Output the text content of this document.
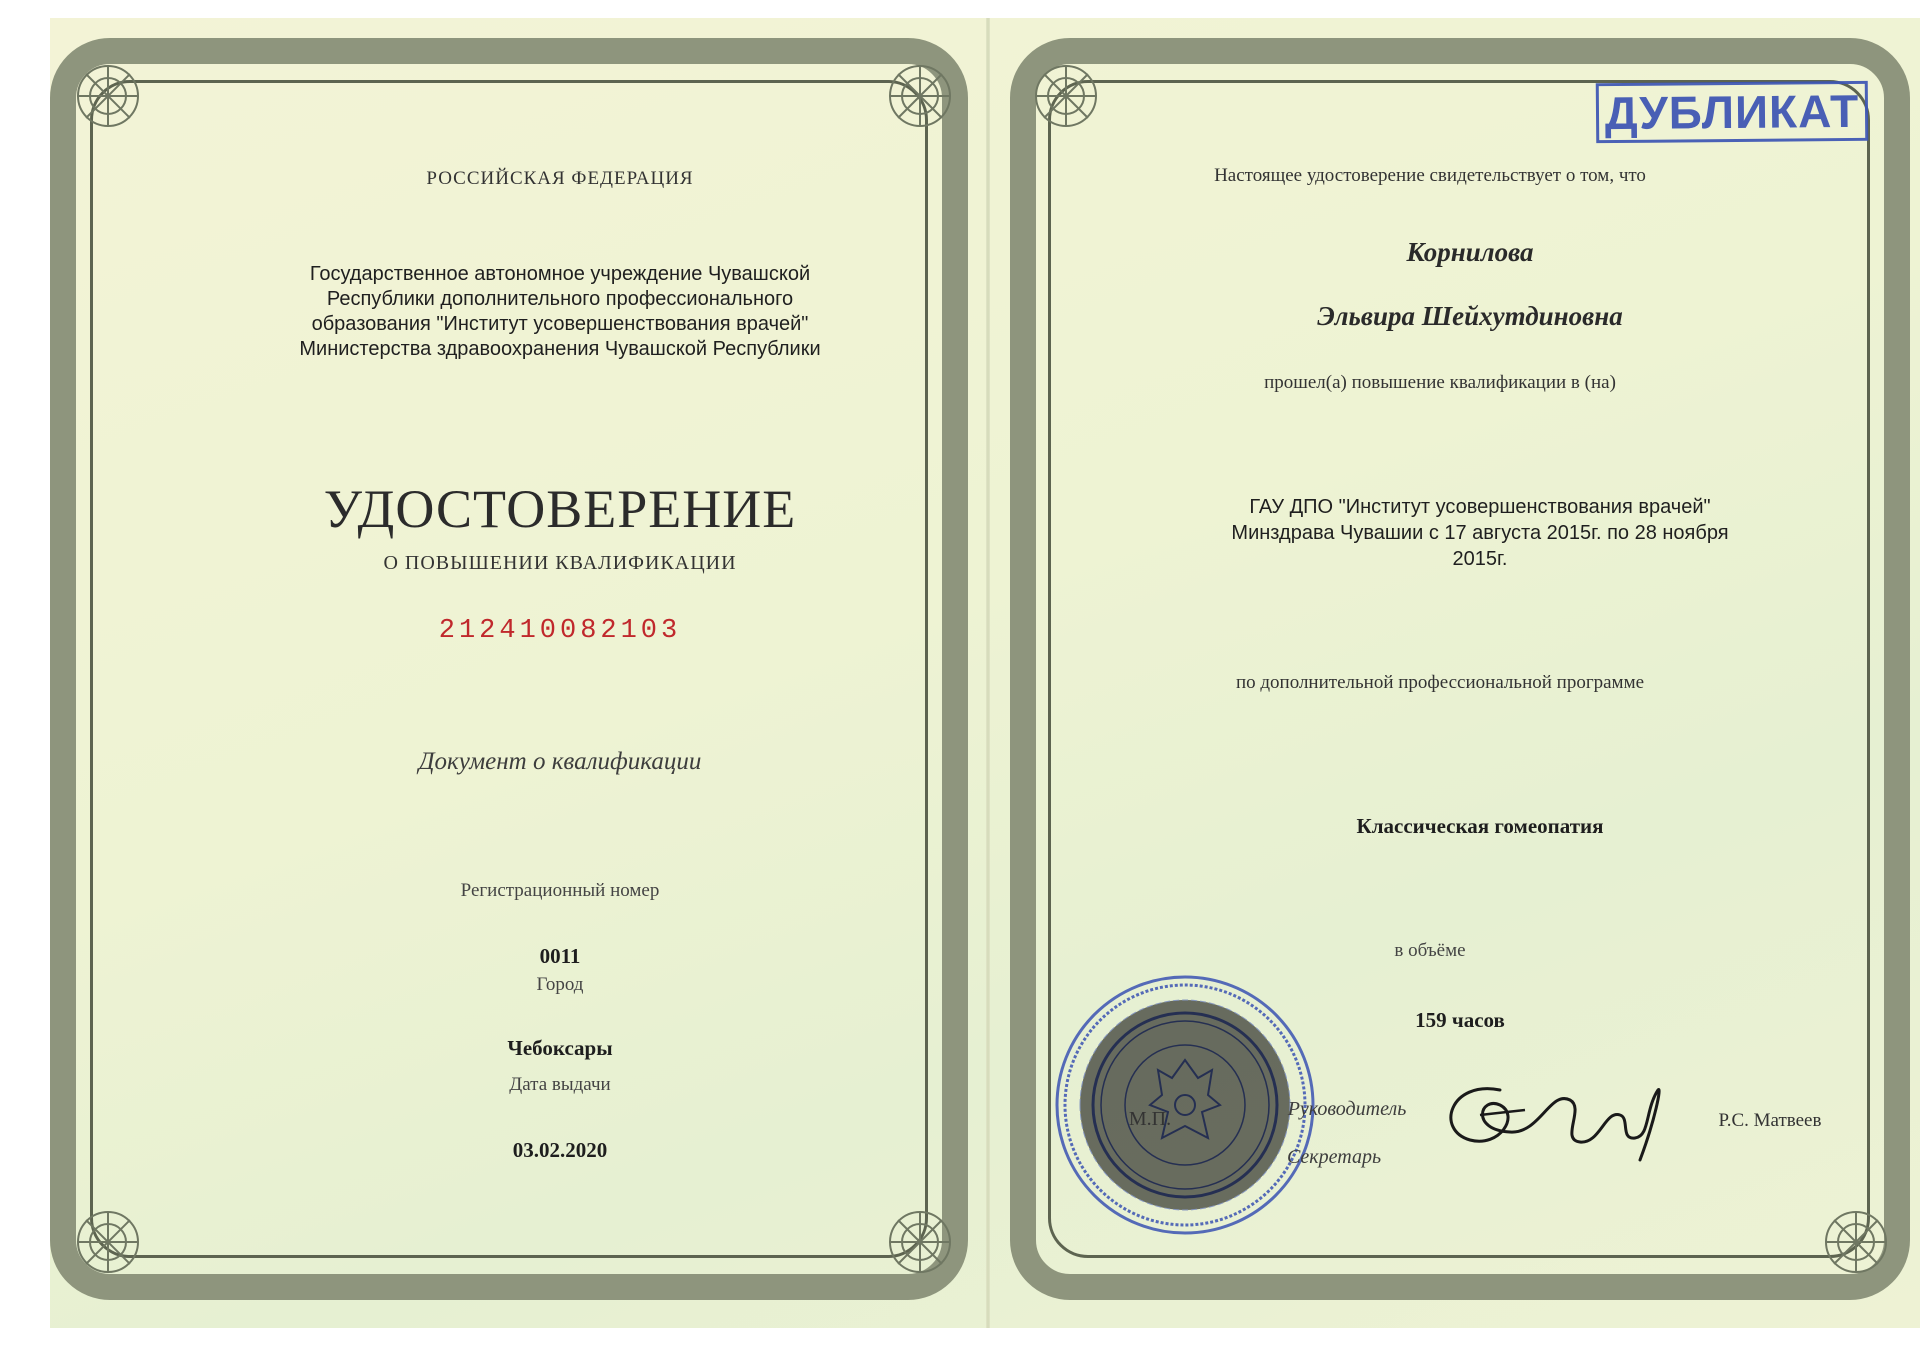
РОССИЙСКАЯ ФЕДЕРАЦИЯ
Государственное автономное учреждение Чувашской
Республики дополнительного профессионального
образования "Институт усовершенствования врачей"
Министерства здравоохранения Чувашской Республики
УДОСТОВЕРЕНИЕ
О ПОВЫШЕНИИ КВАЛИФИКАЦИИ
212410082103
Документ о квалификации
Регистрационный номер
0011
Город
Чебоксары
Дата выдачи
03.02.2020
ДУБЛИКАТ
Настоящее удостоверение свидетельствует о том, что
Корнилова
Эльвира Шейхутдиновна
прошел(а) повышение квалификации в (на)
ГАУ ДПО "Институт усовершенствования врачей"
Минздрава Чувашии с 17 августа 2015г. по 28 ноября
2015г.
по дополнительной профессиональной программе
Классическая гомеопатия
в объёме
159 часов
М.П.	Руководитель
Секретарь
Р.С. Матвеев
